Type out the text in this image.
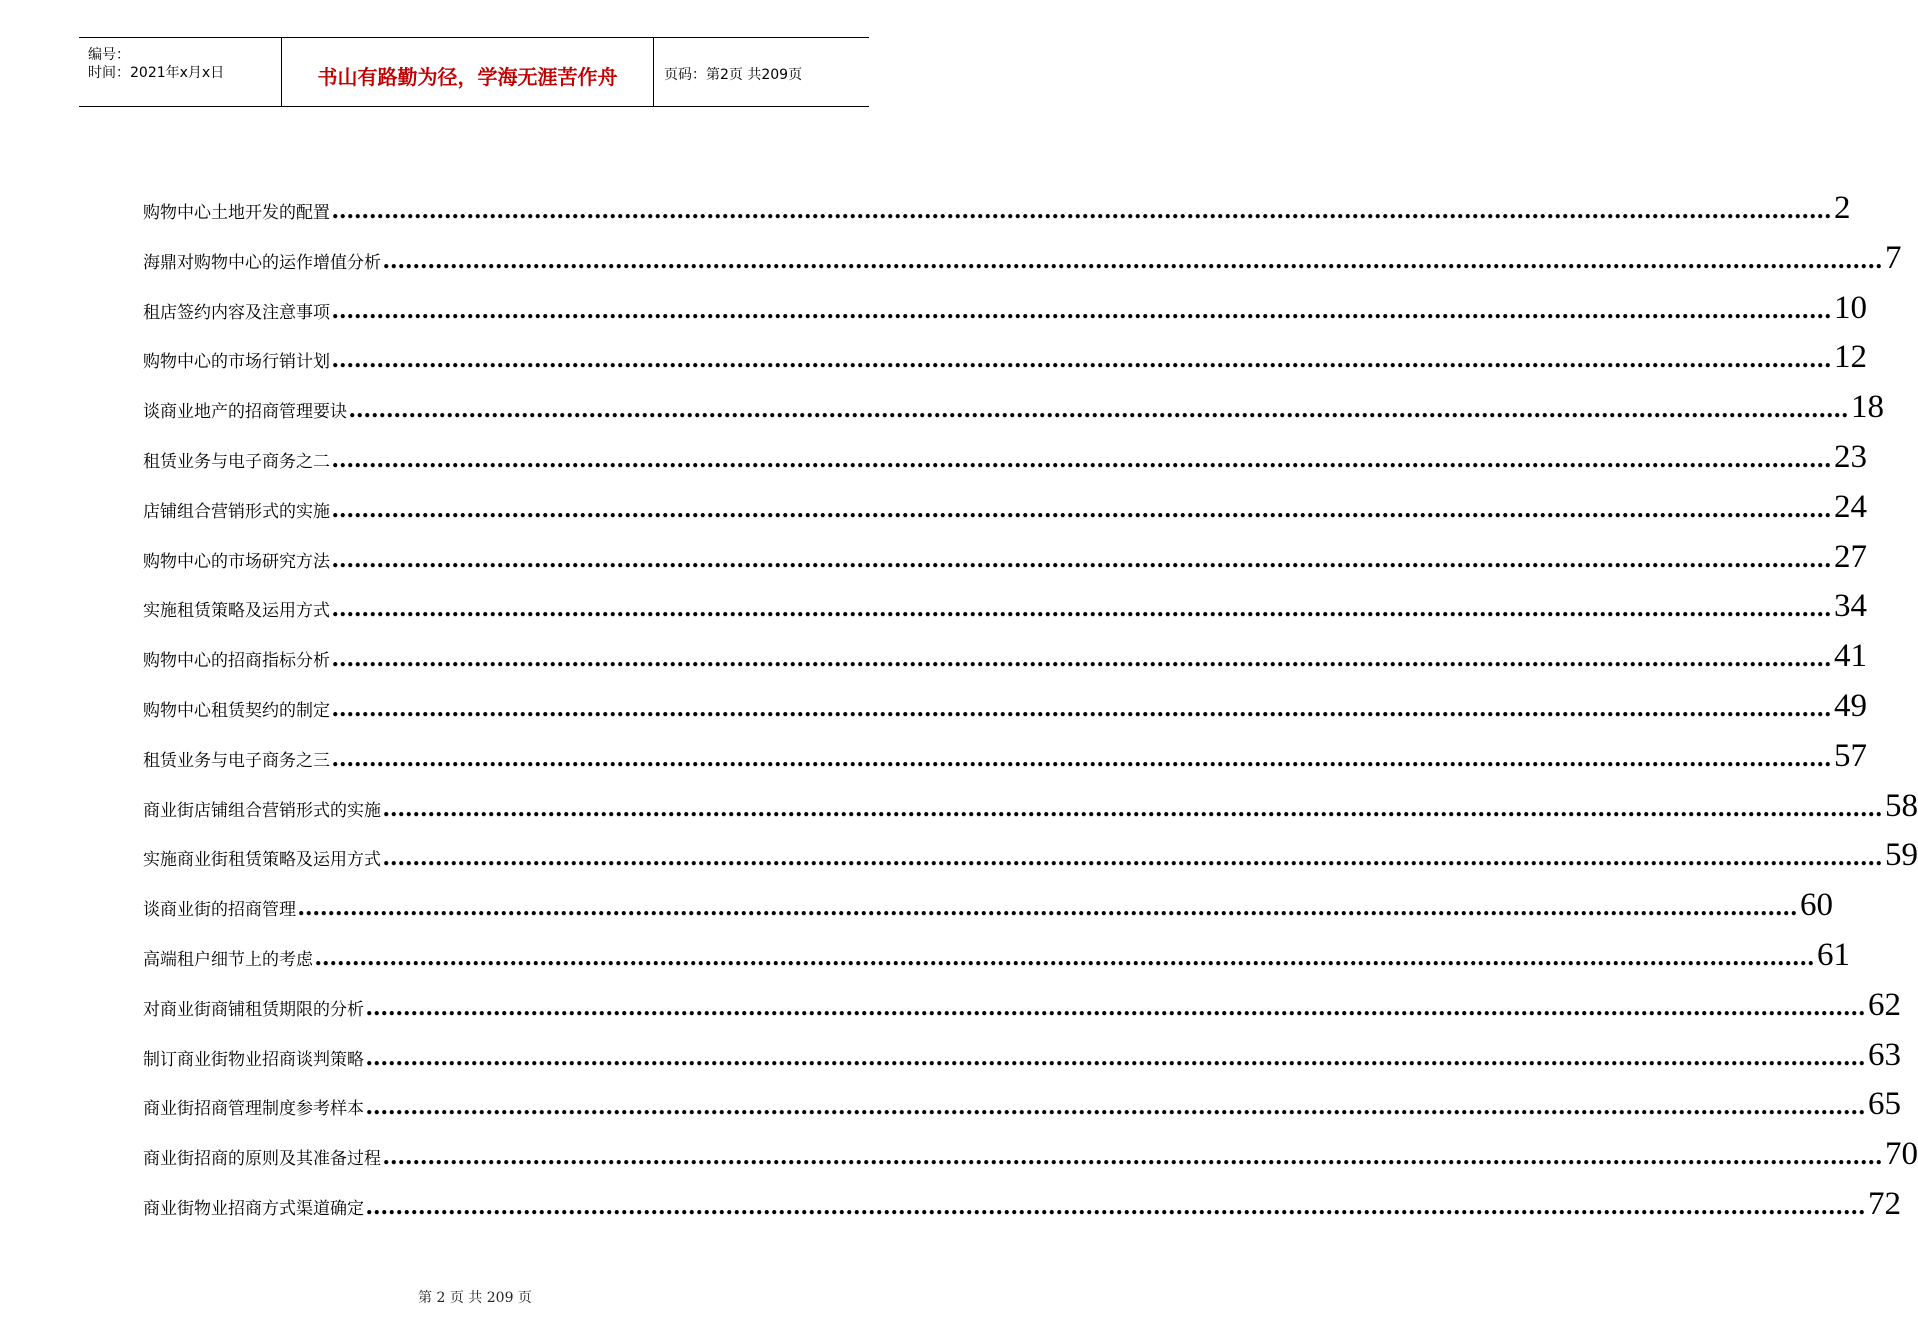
编号：
时间：2021年x月x日	书山有路勤为径，学海无涯苦作舟	页码：第2页 共209页
购物中心土地开发的配置 ........................................................................................................................................................................................................ 2
海鼎对购物中心的运作增值分析 ........................................................................................................................................................................................................ 7
租店签约内容及注意事项 ........................................................................................................................................................................................................ 10
购物中心的市场行销计划 ........................................................................................................................................................................................................ 12
谈商业地产的招商管理要诀 ........................................................................................................................................................................................................ 18
租赁业务与电子商务之二 ........................................................................................................................................................................................................ 23
店铺组合营销形式的实施 ........................................................................................................................................................................................................ 24
购物中心的市场研究方法 ........................................................................................................................................................................................................ 27
实施租赁策略及运用方式 ........................................................................................................................................................................................................ 34
购物中心的招商指标分析 ........................................................................................................................................................................................................ 41
购物中心租赁契约的制定 ........................................................................................................................................................................................................ 49
租赁业务与电子商务之三 ........................................................................................................................................................................................................ 57
商业街店铺组合营销形式的实施 ........................................................................................................................................................................................................ 58
实施商业街租赁策略及运用方式 ........................................................................................................................................................................................................ 59
谈商业街的招商管理 ........................................................................................................................................................................................................ 60
高端租户细节上的考虑 ........................................................................................................................................................................................................ 61
对商业街商铺租赁期限的分析 ........................................................................................................................................................................................................ 62
制订商业街物业招商谈判策略 ........................................................................................................................................................................................................ 63
商业街招商管理制度参考样本 ........................................................................................................................................................................................................ 65
商业街招商的原则及其准备过程 ........................................................................................................................................................................................................ 70
商业街物业招商方式渠道确定 ........................................................................................................................................................................................................ 72
第 2 页 共 209 页
